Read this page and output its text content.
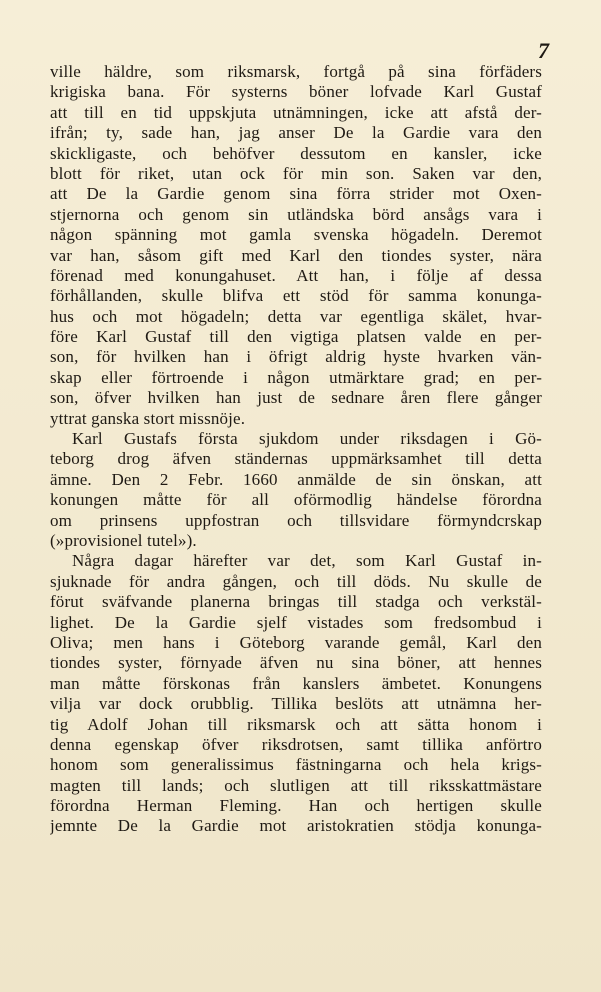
7
ville häldre, som riksmarsk, fortgå på sina förfäders
krigiska bana. För systerns böner lofvade Karl Gustaf
att till en tid uppskjuta utnämningen, icke att afstå der-
ifrån; ty, sade han, jag anser De la Gardie vara den
skickligaste, och behöfver dessutom en kansler, icke
blott för riket, utan ock för min son. Saken var den,
att De la Gardie genom sina förra strider mot Oxen-
stjernorna och genom sin utländska börd ansågs vara i
någon spänning mot gamla svenska högadeln. Deremot
var han, såsom gift med Karl den tiondes syster, nära
förenad med konungahuset. Att han, i följe af dessa
förhållanden, skulle blifva ett stöd för samma konunga-
hus och mot högadeln; detta var egentliga skälet, hvar-
före Karl Gustaf till den vigtiga platsen valde en per-
son, för hvilken han i öfrigt aldrig hyste hvarken vän-
skap eller förtroende i någon utmärktare grad; en per-
son, öfver hvilken han just de sednare åren flere gånger
yttrat ganska stort missnöje.
Karl Gustafs första sjukdom under riksdagen i Gö-
teborg drog äfven ständernas uppmärksamhet till detta
ämne. Den 2 Febr. 1660 anmälde de sin önskan, att
konungen måtte för all oförmodlig händelse förordna
om prinsens uppfostran och tillsvidare förmyndcrskap
(»provisionel tutel»).
Några dagar härefter var det, som Karl Gustaf in-
sjuknade för andra gången, och till döds. Nu skulle de
förut sväfvande planerna bringas till stadga och verkstäl-
lighet. De la Gardie sjelf vistades som fredsombud i
Oliva; men hans i Göteborg varande gemål, Karl den
tiondes syster, förnyade äfven nu sina böner, att hennes
man måtte förskonas från kanslers ämbetet. Konungens
vilja var dock orubblig. Tillika beslöts att utnämna her-
tig Adolf Johan till riksmarsk och att sätta honom i
denna egenskap öfver riksdrotsen, samt tillika anförtro
honom som generalissimus fästningarna och hela krigs-
magten till lands; och slutligen att till riksskattmästare
förordna Herman Fleming. Han och hertigen skulle
jemnte De la Gardie mot aristokratien stödja konunga-
